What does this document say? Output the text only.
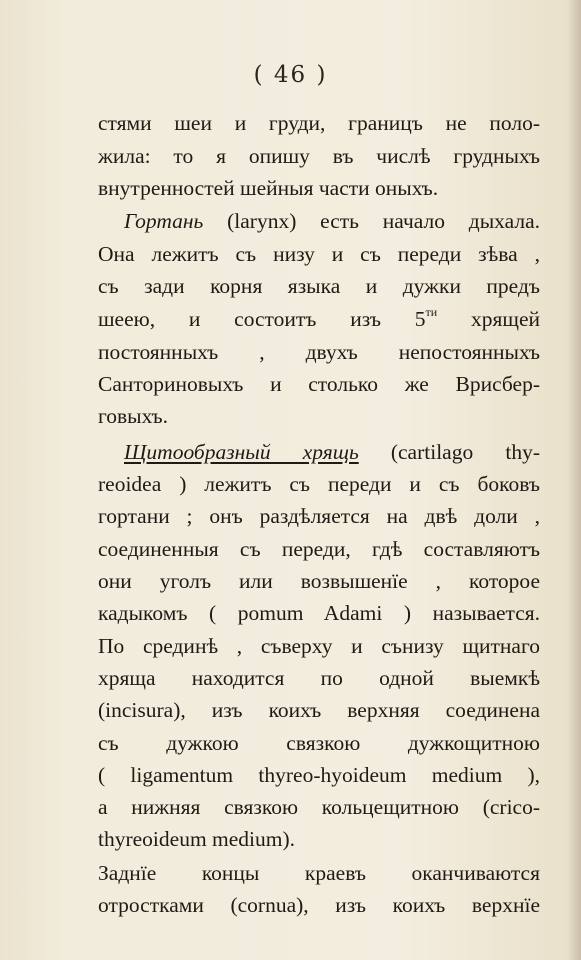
( 46 )
стями шеи и груди, границъ не поло-
жила: то я опишу въ числѣ грудныхъ
внутренностей шейныя части оныхъ.
Гортань (larynx) есть начало дыхала.
Она лежитъ съ низу и съ переди зѣва ,
съ зади корня языка и дужки предъ
шеею, и состоитъ изъ $5^{ти}$ хрящей
постоянныхъ , двухъ непостоянныхъ
Санториновыхъ и столько же Врисбер-
говыхъ.
Щитообразный хрящь (cartilago thy-
reoidea ) лежитъ съ переди и съ боковъ
гортани ; онъ раздѣляется на двѣ доли ,
соединенныя съ переди, гдѣ составляютъ
они уголъ или возвышенїе , которое
кадыкомъ ( pomum Adami ) называется.
По срединѣ , съверху и сънизу щитнаго
хряща находится по одной выемкѣ
(incisura), изъ коихъ верхняя соединена
съ дужкою связкою дужкощитною
( ligamentum thyreo-hyoideum medium ),
а нижняя связкою кольцещитною (crico-
thyreoideum medium).
Заднїе концы краевъ оканчиваются
отростками (cornua), изъ коихъ верхнїе
